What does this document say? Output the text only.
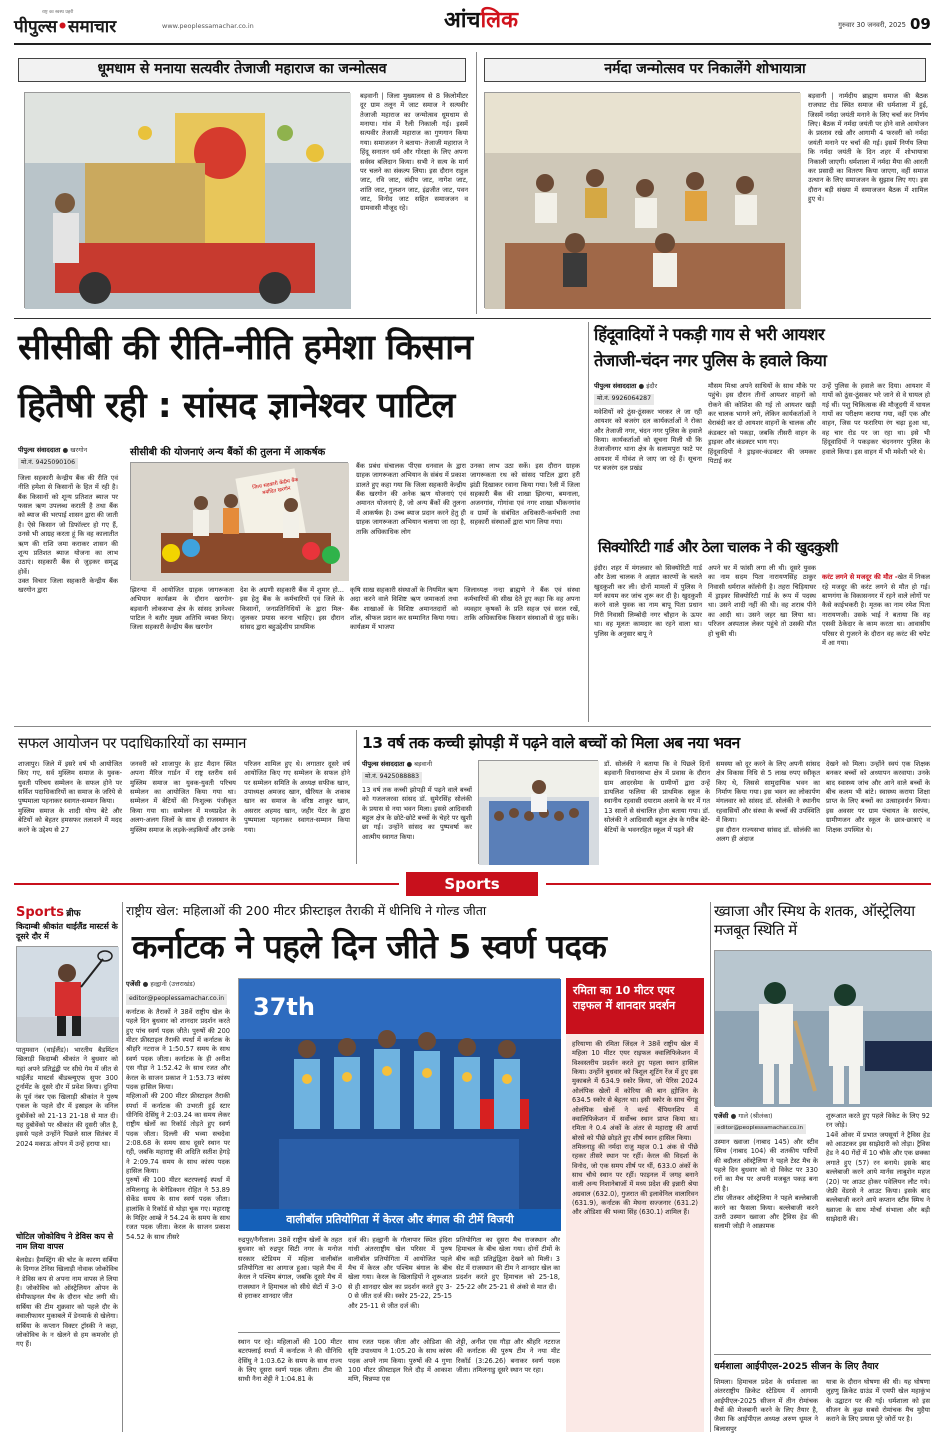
राष्ट्र का स्वस्थ प्रहरी
पीपुल्स•समाचार	www.peoplessamachar.co.in	आंचलिक	गुरुवार 30 जनवरी, 2025 09
धूमधाम से मनाया सत्यवीर तेजाजी महाराज का जन्मोत्सव
बड़वानी | जिला मुख्यालय से 8 किलोमीटर दूर ग्राम तलून में जाट समाज ने सत्यवीर तेजाजी महाराज का जन्मोत्सव धूमधाम से मनाया। गांव में रैली निकाली गई। इसमें सत्यवीर तेजाजी महाराज का गुणगान किया गया। समाजजन ने बताया- तेजाजी महाराज ने हिंदू सनातन धर्म और गोरक्षा के लिए अपना सर्वस्व बलिदान किया। सभी ने सत्य के मार्ग पर चलने का संकल्प लिया। इस दौरान राहुल जाट, रवि जाट, संदीप जाट, नागेश जाट, शांति जाट, गुलशन जाट, इंद्रजीत जाट, पवन जाट, विनोद जाट सहित समाजजन व ग्रामवासी मौजूद रहे।
नर्मदा जन्मोत्सव पर निकालेंगे शोभायात्रा
बड़वानी | नार्मदीय ब्राह्मण समाज की बैठक राजघाट रोड स्थित समाज की धर्मशाला में हुई, जिसमें नर्मदा जयंती मनाने के लिए चर्चा कर निर्णय लिए। बैठक में नर्मदा जयंती पर होने वाले आयोजन के प्रस्ताव रखे और आगामी 4 फरवरी को नर्मदा जयंती मनाने पर चर्चा की गई। इसमें निर्णय लिया कि नर्मदा जयंती के दिन शहर में शोभायात्रा निकाली जाएगी। धर्मशाला में नर्मदा मैया की आरती कर प्रसादी का वितरण किया जाएगा, वहीं समाज उत्थान के लिए समाजजन के सुझाव लिए गए। इस दौरान बड़ी संख्या में समाजजन बैठक में शामिल हुए थे।
सीसीबी की रीति-नीति हमेशा किसान
हितैषी रही : सांसद ज्ञानेश्वर पाटिल
पीपुल्स संवाददाता ● खरगोन
मो.नं. 9425090106
जिला सहकारी केन्द्रीय बैंक की रीति एवं नीति हमेशा से किसानों के हित में रही है। बैंक किसानों को शून्य प्रतिशत ब्याज पर फसल ऋण उपलब्ध कराती है तथा बैंक को ब्याज की भरपाई शासन द्वारा की जाती है। ऐसे किसान जो डिफॉल्टर हो गए हैं, उनसे भी आग्रह करता हूं कि वह कालातीत ऋण की राशि जमा कराकर शासन की शून्य प्रतिशत ब्याज योजना का लाभ उठाएं। सहकारी बैंक से जुड़कर समृद्ध होवें।
उक्त विचार जिला सहकारी केन्द्रीय बैंक खरगोन द्वारा
सीसीबी की योजनाएं अन्य बैंकों की तुलना में आकर्षक
जिला सहकारी केंद्रीय बैंक मर्यादित खरगोन
बैंक प्रबंध संचालक पीएस धनवाल के द्वारा ग्राहक जागरूकता अभियान के संबंध में प्रकाश डालते हुए कहा गया कि जिला सहकारी केन्द्रीय बैंक खरगोन की अनेक ऋण योजनाएं एवं अमानत योजनाएं है, जो अन्य बैंकों की तुलना में आकर्षक है। उच्च ब्याज प्रदान करने हेतु ही ग्राहक जागरूकता अभियान चलाया जा रहा है, ताकि अधिकाधिक लोग
उनका लाभ उठा सकें। इस दौरान ग्राहक जागरूकता रथ को सांसद पाटिल द्वारा हरी झंडी दिखाकर रवाना किया गया। रैली में जिला सहकारी बैंक की शाखा झिरन्या, बमनाला, अजनगांव, गोगांवा एवं नगर शाखा भीकनगांव व ग्रामों के संबंधित अधिकारी-कर्मचारी तथा सहकारी संस्थाओं द्वारा भाग लिया गया।
झिरन्या में आयोजित ग्राहक जागरूकता अभियान कार्यक्रम के दौरान खरगोन-बड़वानी लोकसभा क्षेत्र के सांसद ज्ञानेश्वर पाटिल ने बतौर मुख्य अतिथि व्यक्त किए। जिला सहकारी केन्द्रीय बैंक खरगोन
देश के अग्रणी सहकारी बैंक में शुमार हो... इस हेतु बैंक के कर्मचारियों एवं जिले के किसानों, जनप्रतिनिधियों के द्वारा मिल-जुलकर प्रयास करना चाहिए। इस दौरान सांसद द्वारा बहुउद्देशीय प्राथमिक
कृषि साख सहकारी संस्थाओं के नियमित ऋण अदा करने वाले विशिष्ट ऋण जमाकर्ता तथा बैंक शाखाओं के विशिष्ट अमानतदारों को शॉल, श्रीफल प्रदान कर सम्मानित किया गया। कार्यक्रम में भाजपा
जिलाध्यक्ष नन्दा ब्राह्मणे ने बैंक एवं संस्था कर्मचारियों की सीख देते हुए कहा कि वह अपना व्यवहार कृषकों के प्रति सहज एवं सरल रखें, ताकि अधिकाधिक किसान संस्थाओं से जुड़ सकें।
हिंदूवादियों ने पकड़ी गाय से भरी आयशर
तेजाजी-चंदन नगर पुलिस के हवाले किया
पीपुल्स संवाददाता ● इंदौर
मो.नं. 9926064287
मवेशियों को ठूंस-ठूंसकर भरकर ले जा रही आयशर को बजरंग दल कार्यकर्ताओं ने रोका और तेजाजी नगर, चंदन नगर पुलिस के हवाले किया। कार्यकर्ताओं को सूचना मिली थी कि तेजाजीनगर थाना क्षेत्र के सलामपुरा फाटे पर आयशर में गोवंश ले जाए जा रहे हैं। सूचना पर बजरंग दल प्रखंड
मौसम मिश्रा अपने साथियों के साथ मौके पर पहुंचे। इस दौरान तीनों आयशर वाहनों को रोकने की कोशिश की गई तो आयशर खड़ी कर चालक भागने लगे, लेकिन कार्यकर्ताओं ने घेराबंदी कर दो आयशर वाहनों के चालक और कंडक्टर को पकड़ा, जबकि तीसरी वाहन के ड्राइवर और कंडक्टर भाग गए।
हिंदूवादियों ने ड्राइवर-कंडक्टर की जमकर पिटाई कर
उन्हें पुलिस के हवाले कर दिया। आयशर में गायों को ठूंस-ठूंसकर भरे जाने से वे घायल हो गई थीं। पशु चिकित्सक की मौजूदगी में घायल गायों का परीक्षण कराया गया, वहीं एक और वाहन, जिस पर फरारिया रंग चढ़ा हुआ था, वह चार रोड पर जा रहा था। इसे भी हिंदूवादियों ने पकड़कर चंदननगर पुलिस के हवाले किया। इस वाहन में भी मवेशी भरे थे।
सिक्योरिटी गार्ड और ठेला चालक ने की खुदकुशी
इंदौर। शहर में मंगलवार को सिक्योरिटी गार्ड और ठेला चालक ने अज्ञात कारणों के चलते खुदकुशी कर ली। दोनों मामलों में पुलिस ने मर्ग कायम कर जांच शुरू कर दी है। खुदकुशी करने वाले युवक का नाम बापू पिता प्रधान गिरी निवासी लिम्बोदी नगर चौहान के ऊपर था। वह मूलतः कामदार का रहने वाला था। पुलिस के अनुसार बापू ने
अपने घर में फांसी लगा ली थी। दूसरे युवक का नाम सदम पिता नारायणसिंह ठाकुर निवासी धर्मराज कॉलोनी है। तहरा चिड़ियाघर में ड्राइवर सिक्योरिटी गार्ड के रूप में पदस्थ था। उसने शादी नहीं की थी। वह शराब पीने का आदी था। उसने जहर खा लिया था। परिजन अस्पताल लेकर पहुंचे तो उसकी मौत हो चुकी थी।

करंट लगने से मजदूर की मौत -खेत में निकल रहे मजदूर की करंट लगने से मौत हो गई। बाणगंगा के विकासनगर में रहने वाले लोगों पर कैसे काईभकरी है। मृतक का नाम रमेश पिता नारायणजी। उसके भाई ने बताया कि वह एसवी ठेकेदार के काम करता था। आवासीय परिसर से गुजरने के दौरान वह करंट की चपेट में आ गया।

सफल आयोजन पर पदाधिकारियों का सम्मान
शाजापुर। जिले में इसरे वर्ष भी आयोजित किए गए, सर्व मुस्लिम समाज के युवक-युवती परिचय सम्मेलन के सफल होने पर सर्विश पदाधिकारियों का समाज के जरिये से पुष्पमाला पहनाकर स्वागत-सम्मान किया।
मुस्लिम समाज के शादी योग्य बेटे और बेटियों को बेहतर हमसफर तलाशने में मदद करने के उद्देश्य से 27
जनवरी को शाजापुर के हाट मैदान स्थित अपना मैरिज गार्डन में राष्ट्र स्तरीय सर्व मुस्लिम समाज का युवक-युवती परिचय सम्मेलन का आयोजित किया गया था। सम्मेलन में बेटियों की निःशुल्क पंजीकृत किया गया था। सम्मेलन में मध्यप्रदेश के अलग-अलग जिलों के साथ ही राजस्थान के मुस्लिम समाज के लड़के-लड़कियों और उनके
परिजन शामिल हुए थे। लगातार दूसरे वर्ष आयोजित किए गए सम्मेलन के सफल होने पर सम्मेलन समिति के अध्यक्ष सफीक खान, उपाध्यक्ष अमजद खान, खैरियत के शकाब खान का समाज के वरिष्ठ शाकूर खान, असरार अहमद खान, जहीर पेंटर के द्वारा पुष्पमाला पहनाकर स्वागत-सम्मान किया गया।
13 वर्ष तक कच्ची झोपड़ी में पढ़ने वाले बच्चों को मिला अब नया भवन
पीपुल्स संवाददाता ● बड़वानी
मो.नं. 9425088883
13 वर्ष तक कच्ची झोपड़ी में पढ़ने वाले बच्चों को गजलजरवा सांसद डॉ. सुमेरसिंह सोलंकी के प्रयास से नया भवन मिला। इससे आदिवासी बहुल क्षेत्र के छोटे-छोटे बच्चों के चेहरे पर खुशी छा गई। उन्होंने सांसद का पुष्पवर्षा कर आत्मीय स्वागत किया।
डॉ. सोलंकी ने बताया कि वे पिछले दिनों बड़वानी विधानसभा क्षेत्र में प्रवास के दौरान ग्राम आदरसेमा के ग्रामीणों द्वारा उन्हें डायलिश फलिया की प्राथमिक स्कूल के स्थानीय रहवासी दयाराम अलावे के घर में गत 13 सालों से संचालित होना बताया गया। डॉ. सोलंकी ने आदिवासी बहुल क्षेत्र के गरीब बेटे-बेटियों के भवनरहित स्कूल में पढ़ने की
समस्या को दूर करने के लिए अपनी सांसद क्षेत्र विकास निधि से 5 लाख रुपए स्वीकृत किए थे, जिससे सामुदायिक भवन का निर्माण किया गया। इस भवन का लोकार्पण मंगलवार को सांसद डॉ. सोलंकी ने स्थानीय रहवासियों और संस्था के बच्चों की उपस्थिति में किया।
इस दौरान राज्यसभा सांसद डॉ. सोलंकी का अलग ही अंदाज
देखने को मिला। उन्होंने स्वयं एक शिक्षक बनकर बच्चों को अध्यापन करवाया। उनके बाद स्वास्थ्य जांच और आने वाले बच्चों के बीच कलम भी बांटे। स्वास्थ्य कराया शिक्षा प्राप्त के लिए बच्चों का उत्साहवर्धन किया। इस अवसर पर ग्राम पंचायत के सरपंच, ग्रामीणजन और स्कूल के छात्र-छात्राएं व शिक्षक उपस्थित थे।
Sports
Sports ब्रीफ
किदाम्बी श्रीकांत थाईलैंड मास्टर्स के दूसरे दौर में
पातुमवान (थाईलैंड)। भारतीय बैडमिंटन खिलाड़ी किदाम्बी श्रीकांत ने बुधवार को यहां अपने प्रतिद्वंद्वी पर सीधे गेम में जीत से थाईलैंड मास्टर्स बीडब्ल्यूएफ सुपर 300 टूर्नामेंट के दूसरे दौर में प्रवेश किया। दुनिया के पूर्व नंबर एक खिलाड़ी श्रीकांत ने पुरुष एकल के पहले दौर में इस्राइल के वनिल दुबोवेंको को 21-13 21-18 से मात दी। यह दुबोवेंको पर श्रीकांत की दूसरी जीत है, इससे पहले उन्होंने पिछले साल सितंबर में 2024 मकाऊ ओपन में उन्हें हराया था।
चोटिल जोकोविच ने डेविस कप से नाम लिया वापस
बेलग्रेड। हैमस्ट्रिंग की चोट के कारण सर्बिया के दिग्गज टेनिस खिलाड़ी नोवाक जोकोविच ने डेविस कप से अपना नाम वापस ले लिया है। जोकोविच को ऑस्ट्रेलियन ओपन के सेमीफाइनल मैच के दौरान चोट लगी थी। सर्बिया की टीम शुक्रवार को पहले दौर के क्वालीफायर मुकाबले में डेनमार्क से खेलेगा। सर्बिया के कप्तान विक्टर ट्रॉस्की ने कहा, जोकोविच के न खेलने से हम कमजोर हो गए हैं।
राष्ट्रीय खेल: महिलाओं की 200 मीटर फ्रीस्टाइल तैराकी में धीनिधि ने गोल्ड जीता
कर्नाटक ने पहले दिन जीते 5 स्वर्ण पदक
एजेंसी ● हल्द्वानी (उत्तराखंड)
editor@peoplessamachar.co.in
कर्नाटक के तैराकों ने 38वें राष्ट्रीय खेल के पहले दिन बुधवार को शानदार प्रदर्शन करते हुए पांच स्वर्ण पदक जीते। पुरुषों की 200 मीटर फ्रीस्टाइल तैराकी स्पर्धा में कर्नाटक के श्रीहरि नटराज ने 1:50.57 समय के साथ स्वर्ण पदक जीता। कर्नाटक के ही अनीश एस गौड़ा ने 1:52.42 के साथ रजत और केरल के साजन प्रकाश ने 1:53.73 कांस्य पदक हासिल किया।
महिलाओं की 200 मीटर फ्रीस्टाइल तैराकी स्पर्धा में कर्नाटक की उभरती हुई स्टार धीनिधि देसिंघु ने 2:03.24 का समय लेकर राष्ट्रीय खेलों का रिकॉर्ड तोड़ते हुए स्वर्ण पदक जीता। दिल्ली की भव्या सचदेवा 2:08.68 के समय साथ दूसरे स्थान पर रही, जबकि महाराष्ट्र की अदिति सतीश हेगड़े ने 2:09.74 समय के साथ कांस्य पदक हासिल किया।
पुरुषों की 100 मीटर बटरफ्लाई स्पर्धा में तमिलनाडु के बेनेडिक्शन रोहित ने 53.89 सेकेंड समय के साथ स्वर्ण पदक जीता। हालांकि वे रिकॉर्ड से थोड़ा चूक गए। महाराष्ट्र के मिहिर आम्ब्रे ने 54.24 के समय के साथ रजत पदक जीता। केरल के साजन प्रकाश 54.52 के साथ तीसरे
37th
वालीबॉल प्रतियोगिता में केरल और बंगाल की टीमें विजयी
रुद्रपुर/नैनीताल। 38वें राष्ट्रीय खेलों के तहत बुधवार को रुद्रपुर सिटी नगर के मनोज सरकार स्टेडियम में महिला वालीबॉल प्रतियोगिता का आगाज हुआ। पहले मैच में केरल ने पश्चिम बंगाल, जबकि दूसरे मैच में राजस्थान ने हिमाचल को सीधे सेटों में 3-0 से हराकर शानदार जीत
दर्ज की। हल्द्वानी के गौलापार स्थित इंदिरा गांधी अंतरराष्ट्रीय खेल परिसर में पुरुष वालीबॉल प्रतियोगिता में आयोजित पहले मैच में केरल और पश्चिम बंगाल के बीच खेला गया। केरल के खिलाड़ियों ने शुरूआत से ही शानदार खेल का प्रदर्शन करते हुए 3-0 से जीत दर्ज की। स्कोर 25-22, 25-15 और 25-11 से जीत दर्ज की।
प्रतियोगिता का दूसरा मैच राजस्थान और हिमाचल के बीच खेला गया। दोनों टीमों के बीच कड़ी प्रतिद्वंद्विता देखने को मिली। 3 सेट में राजस्थान की टीम ने शानदार खेल का प्रदर्शन करते हुए हिमाचल को 25-18, 25-22 और 25-21 से अंको से मात दी।
स्थान पर रहे। महिलाओं की 100 मीटर बटरफ्लाई स्पर्धा में कर्नाटक ने की धीनिधि देसिंघु ने 1:03.62 के समय के साथ राज्य के लिए दूसरा स्वर्ण पदक जीता। टीम की साथी नैना शेट्टी ने 1:04.81 के
साथ रजत पदक जीता और ओडिशा की सृष्टि उपाध्याय ने 1:05.20 के साथ कांस्य पदक अपने नाम किया। पुरुषों की 4 गुणा 100 मीटर फ्रीस्टाइल रिले दौड़ में आकाश मणि, चिन्नप्पा एस
शेट्टी, अनीश एस गौड़ा और श्रीहरि नटराज की कर्नाटक की पुरुष टीम ने नया मीट रिकॉर्ड (3:26.26) बनाकर स्वर्ण पदक जीता। तमिलनाडु दूसरे स्थान पर रहा।
रमिता का 10 मीटर एयर राइफल में शानदार प्रदर्शन
हरियाणा की रमिता जिंदल ने 38वें राष्ट्रीय खेल में महिला 10 मीटर एयर राइफल क्वालिफिकेशन में विश्वस्तरीय प्रदर्शन करते हुए पहला स्थान हासिल किया। उन्होंने बुधवार को त्रिशूल शूटिंग रेंज में हुए इस मुकाबले में 634.9 स्कोर किया, जो पेरिस 2024 ओलंपिक खेलों में कोरिया की बान ह्योजिन के 634.5 स्कोर से बेहतर था। इसी स्कोर के साथ चेंगडू ओलंपिक खेलों ने वर्ल्ड चैंपियनशिप में क्वालिफिकेशन में सर्वोच्च स्थान प्राप्त किया था। रमिता ने 0.4 अंकों के अंतर से महाराष्ट्र की आर्या बोरसे को पीछे छोड़ते हुए शीर्ष स्थान हासिल किया।
तमिलनाडु की नर्मदा राजु महज 0.1 अंक से पीछे रहकर तीसरे स्थान पर रहीं। केरल की विदर्शा के विनोद, जो एक समय शीर्ष पर थीं, 633.0 अंकों के साथ चौथे स्थान पर रहीं। फाइनल में जगह बनाने वाली अन्य निशानेबाजों में मध्य प्रदेश की इन्नारी श्रेया अग्रवाल (632.0), गुजरात की इलावेनिल वालारिवन (631.9), कर्नाटक की मेघना सज्जनार (631.2) और ओडिशा की भव्या सिंह (630.1) शामिल हैं।
ख्वाजा और स्मिथ के शतक, ऑस्ट्रेलिया मजबूत स्थिति में
एजेंसी ● गाले (श्रीलंका)
editor@peoplessamachar.co.in
उस्मान ख्वाजा (नाबाद 145) और स्टीव स्मिथ (नाबाद 104) की शतकीय पारियों की बदौलत ऑस्ट्रेलिया ने पहले टेस्ट मैच के पहले दिन बुधवार को दो विकेट पर 330 रनों का मैच पर अपनी मजबूत पकड़ बना ली है।
टॉस जीतकर ऑस्ट्रेलिया ने पहले बल्लेबाजी करने का फैसला किया। बल्लेबाजी करने उतरी उस्मान ख्वाजा और ट्रैविस हेड की सलामी जोड़ी ने आक्रामक
शुरूआत करते हुए पहले विकेट के लिए 92 रन जोड़े।
14वें ओवर में प्रभात जयसूर्या ने ट्रैविस हेड को आउटकर इस साझेदारी को तोड़ा। ट्रैविस हेड ने 40 गेंदों में 10 चौके और एक छक्का लगाते हुए (57) रन बनाये। इसके बाद बल्लेबाजी करने आये मार्नस लाबुशेन महज (20) पर आउट होकर पवेलियन लौट गये। जेफ्री वेंडरसे ने आउट किया। इसके बाद बल्लेबाजी करने आये कप्तान स्टीव स्मिथ ने ख्वाजा के साथ मोर्चा संभाला और बड़ी साझेदारी की।
धर्मशाला आईपीएल-2025 सीजन के लिए तैयार
शिमला। हिमाचल प्रदेश के धर्मशाला का अंतरराष्ट्रीय क्रिकेट स्टेडियम में आगामी आईपीएल-2025 सीजन में तीन रोमांचक मैचों की मेजबानी करने के लिए तैयार है, जैसा कि आईपीएल अध्यक्ष अरुण धूमल ने बिलासपुर
यात्रा के दौरान घोषणा की थी। यह घोषणा लुहणु क्रिकेट ग्राउंड में एमपी खेल महाकुंभ के उद्घाटन पर की गई। धर्मशाला को इस सीजन के कुछ सबसे रोमांचक मैच मुहैया कराने के लिए प्रयास पूरे जोरों पर है।
